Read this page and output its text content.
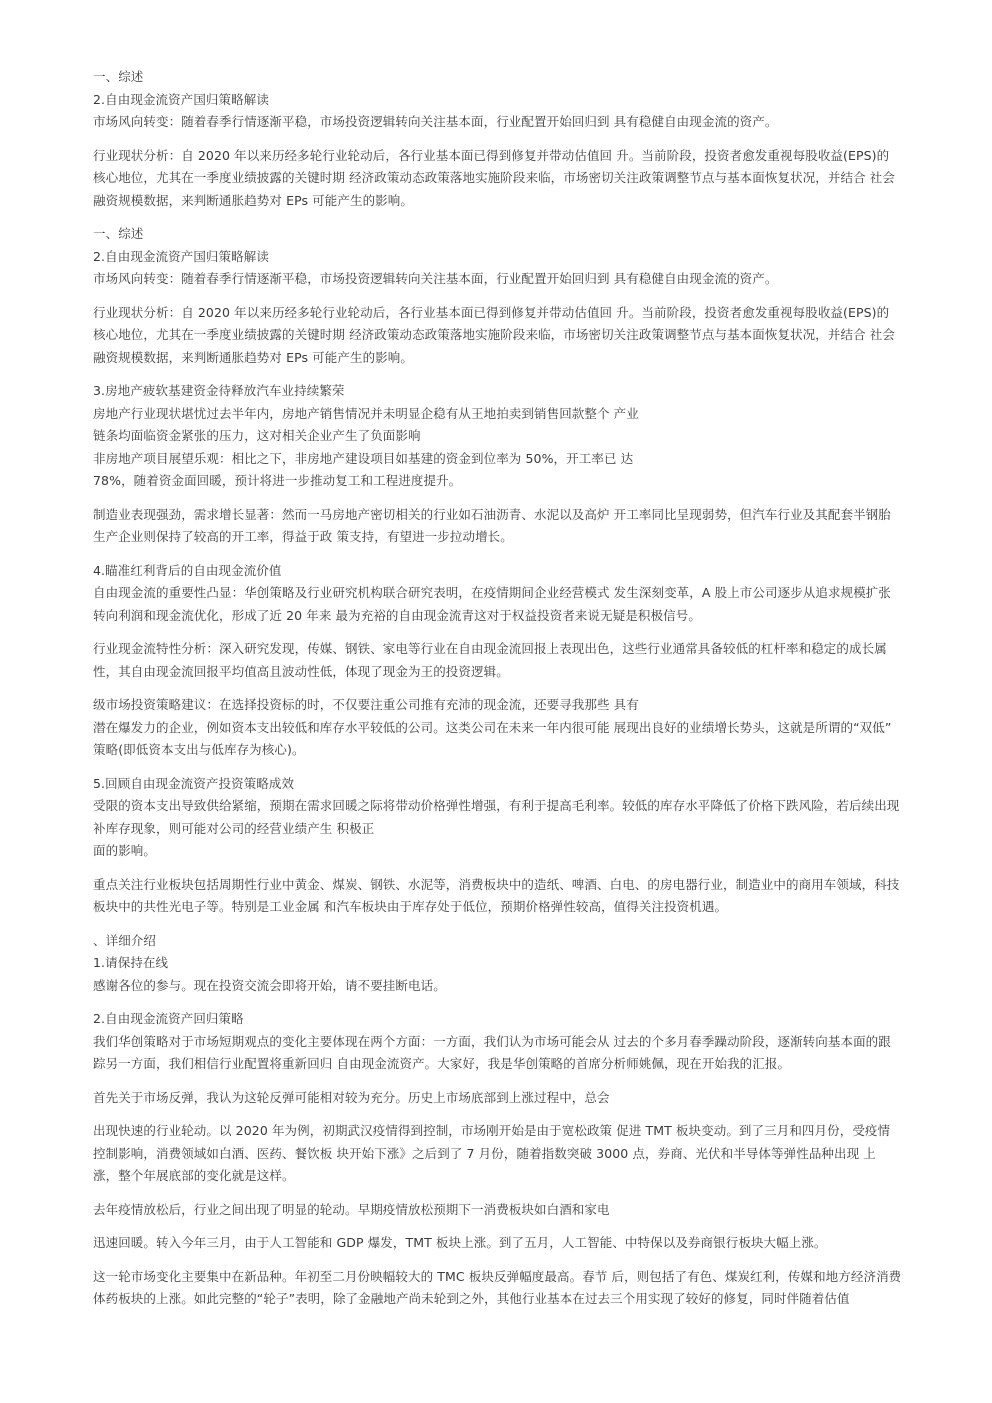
一、综述
2.自由现金流资产国归策略解读
市场风向转变：随着春季行情逐渐平稳，市场投资逻辑转向关注基本面，行业配置开始回归到 具有稳健自由现金流的资产。
行业现状分析：自 2020 年以来历经多轮行业轮动后，各行业基本面已得到修复并带动估值回 升。当前阶段，投资者愈发重视每股收益(EPS)的
核心地位，尤其在一季度业绩披露的关键时期 经济政策动态政策落地实施阶段来临，市场密切关注政策调整节点与基本面恢复状况，并结合 社会
融资规模数据，来判断通胀趋势对 EPs 可能产生的影响。
一、综述
2.自由现金流资产国归策略解读
市场风向转变：随着春季行情逐渐平稳，市场投资逻辑转向关注基本面，行业配置开始回归到 具有稳健自由现金流的资产。
行业现状分析：自 2020 年以来历经多轮行业轮动后，各行业基本面已得到修复并带动估值回 升。当前阶段，投资者愈发重视每股收益(EPS)的
核心地位，尤其在一季度业绩披露的关键时期 经济政策动态政策落地实施阶段来临，市场密切关注政策调整节点与基本面恢复状况，并结合 社会
融资规模数据，来判断通胀趋势对 EPs 可能产生的影响。
3.房地产疲软基建资金待释放汽车业持续繁荣
房地产行业现状堪忧过去半年内，房地产销售情况并未明显企稳有从王地拍卖到销售回款整个 产业
链条均面临资金紧张的压力，这对相关企业产生了负面影响
非房地产项目展望乐观：相比之下，非房地产建设项目如基建的资金到位率为 50%，开工率已 达
78%，随着资金面回暖，预计将进一步推动复工和工程进度提升。
制造业表现强劲，需求增长显著：然而一马房地产密切相关的行业如石油沥青、水泥以及高炉 开工率同比呈现弱势，但汽车行业及其配套半钢胎
生产企业则保持了较高的开工率，得益于政 策支持，有望进一步拉动增长。
4.瞄准红利背后的自由现金流价值
自由现金流的重要性凸显：华创策略及行业研究机构联合研究表明，在疫情期间企业经营模式 发生深刻变革，A 股上市公司逐步从追求规模扩张
转向利润和现金流优化，形成了近 20 年来 最为充裕的自由现金流青这对于权益投资者来说无疑是积极信号。
行业现金流特性分析：深入研究发现，传媒、钢铁、家电等行业在自由现金流回报上表现出色，这些行业通常具备较低的杠杆率和稳定的成长属
性，其自由现金流回报平均值高且波动性低，体现了现金为王的投资逻辑。
级市场投资策略建议：在选择投资标的时，不仅要注重公司推有充沛的现金流，还要寻我那些 具有
潜在爆发力的企业，例如资本支出较低和库存水平较低的公司。这类公司在未来一年内很可能 展现出良好的业绩增长势头，这就是所谓的“双低”
策略(即低资本支出与低库存为核心)。
5.回顾自由现金流资产投资策略成效
受限的资本支出导致供给紧缩，预期在需求回暖之际将带动价格弹性增强，有利于提高毛利率。较低的库存水平降低了价格下跌风险，若后续出现
补库存现象，则可能对公司的经营业绩产生 积极正
面的影响。
重点关注行业板块包括周期性行业中黄金、煤炭、钢铁、水泥等，消费板块中的造纸、啤酒、白电、的房电器行业，制造业中的商用车领域，科技
板块中的共性光电子等。特别是工业金属 和汽车板块由于库存处于低位，预期价格弹性较高，值得关注投资机遇。
、详细介绍
1.请保持在线
感谢各位的参与。现在投资交流会即将开始，请不要挂断电话。
2.自由现金流资产回归策略
我们华创策略对于市场短期观点的变化主要体现在两个方面：一方面，我们认为市场可能会从 过去的个多月春季躁动阶段，逐渐转向基本面的跟
踪另一方面，我们相信行业配置将重新回归 自由现金流资产。大家好，我是华创策略的首席分析师姚佩，现在开始我的汇报。
首先关于市场反弹，我认为这轮反弹可能相对较为充分。历史上市场底部到上涨过程中，总会
出现快速的行业轮动。以 2020 年为例，初期武汉疫情得到控制，市场刚开始是由于宽松政策 促进 TMT 板块变动。到了三月和四月份，受疫情
控制影响，消费领域如白酒、医药、餐饮板 块开始下涨》之后到了 7 月份，随着指数突破 3000 点，券商、光伏和半导体等弹性品种出现 上
涨，整个年展底部的变化就是这样。
去年疫情放松后，行业之间出现了明显的轮动。早期疫情放松预期下一消费板块如白酒和家电
迅速回暖。转入今年三月，由于人工智能和 GDP 爆发，TMT 板块上涨。到了五月，人工智能、中特保以及券商银行板块大幅上涨。
这一轮市场变化主要集中在新品种。年初至二月份映幅较大的 TMC 板块反弹幅度最高。春节 后，则包括了有色、煤炭红利，传媒和地方经济消费
体药板块的上涨。如此完整的“轮子”表明，除了金融地产尚未轮到之外，其他行业基本在过去三个用实现了较好的修复，同时伴随着估值
